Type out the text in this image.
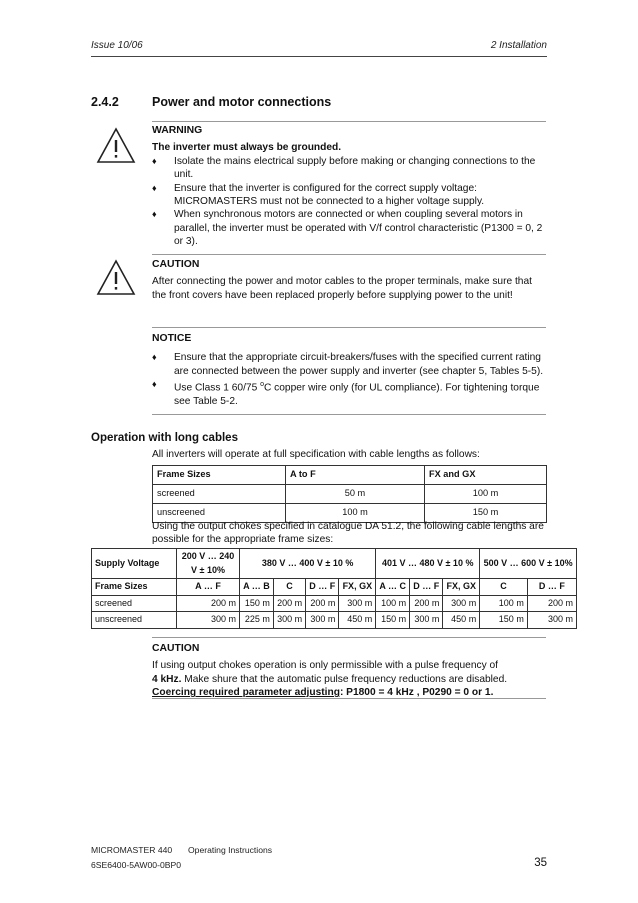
Issue 10/06	2 Installation
2.4.2	Power and motor connections
WARNING
The inverter must always be grounded.
♦ Isolate the mains electrical supply before making or changing connections to the unit.
♦ Ensure that the inverter is configured for the correct supply voltage: MICROMASTERS must not be connected to a higher voltage supply.
♦ When synchronous motors are connected or when coupling several motors in parallel, the inverter must be operated with V/f control characteristic (P1300 = 0, 2 or 3).
CAUTION
After connecting the power and motor cables to the proper terminals, make sure that the front covers have been replaced properly before supplying power to the unit!
NOTICE
♦ Ensure that the appropriate circuit-breakers/fuses with the specified current rating are connected between the power supply and inverter (see chapter 5, Tables 5-5).
♦ Use Class 1 60/75 $^o$C copper wire only (for UL compliance). For tightening torque see Table 5-2.
Operation with long cables
All inverters will operate at full specification with cable lengths as follows:
Frame Sizes	A to F	FX and GX
screened	50 m	100 m
unscreened	100 m	150 m
Using the output chokes specified in catalogue DA 51.2, the following cable lengths are possible for the appropriate frame sizes:
Supply Voltage	200 V … 240 V ± 10%	380 V … 400 V ± 10 %				401 V … 480 V ± 10 %			500 V … 600 V ± 10%	
Frame Sizes	A … F	A … B	C	D … F	FX, GX	A … C	D … F	FX, GX	C	D … F
screened	200 m	150 m	200 m	200 m	300 m	100 m	200 m	300 m	100 m	200 m
unscreened	300 m	225 m	300 m	300 m	450 m	150 m	300 m	450 m	150 m	300 m
CAUTION
If using output chokes operation is only permissible with a pulse frequency of
4 kHz. Make shure that the automatic pulse frequency reductions are disabled.
Coercing required parameter adjusting: P1800 = 4 kHz , P0290 = 0 or 1.
MICROMASTER 440 Operating Instructions
6SE6400-5AW00-0BP0	35
